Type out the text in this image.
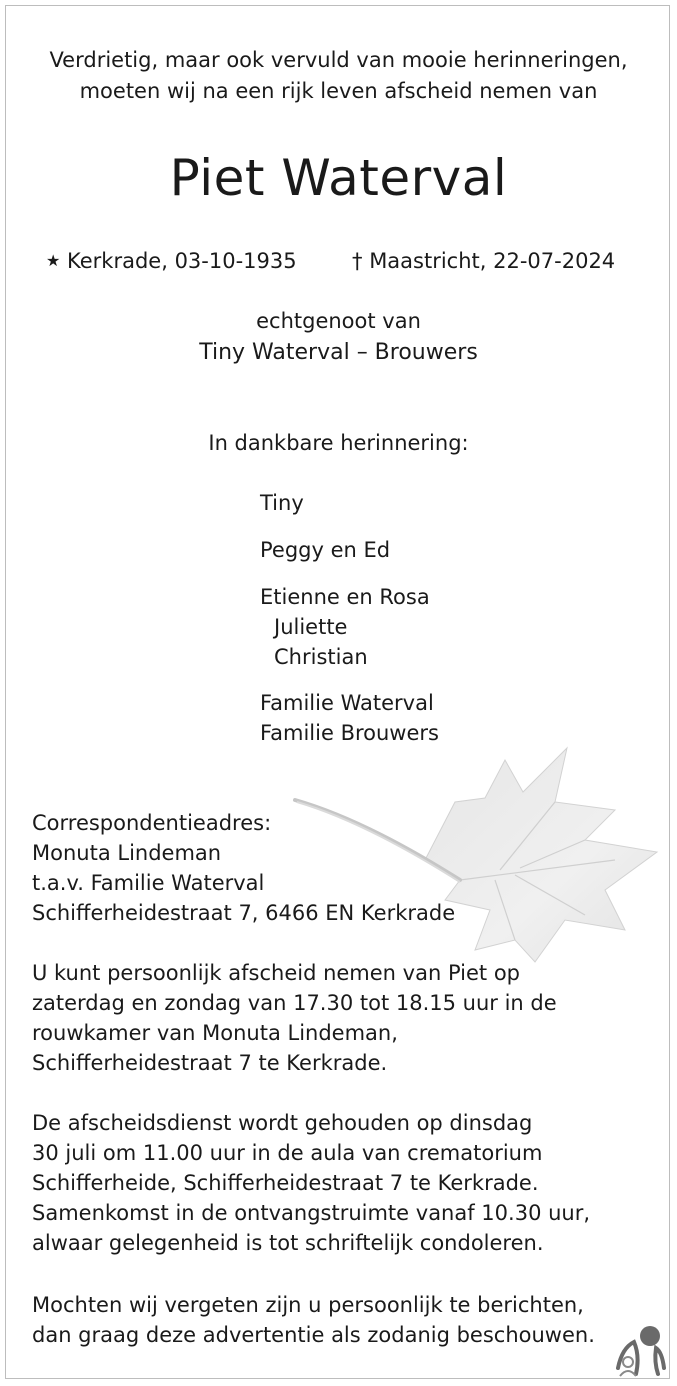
Verdrietig, maar ook vervuld van mooie herinneringen,
moeten wij na een rijk leven afscheid nemen van
Piet Waterval
★ Kerkrade, 03-10-1935	† Maastricht, 22-07-2024
echtgenoot van
Tiny Waterval – Brouwers
In dankbare herinnering:
Tiny
Peggy en Ed
Etienne en Rosa
Juliette
Christian
Familie Waterval
Familie Brouwers
Correspondentieadres:
Monuta Lindeman
t.a.v. Familie Waterval
Schifferheidestraat 7, 6466 EN Kerkrade
U kunt persoonlijk afscheid nemen van Piet op
zaterdag en zondag van 17.30 tot 18.15 uur in de
rouwkamer van Monuta Lindeman,
Schifferheidestraat 7 te Kerkrade.
De afscheidsdienst wordt gehouden op dinsdag
30 juli om 11.00 uur in de aula van crematorium
Schifferheide, Schifferheidestraat 7 te Kerkrade.
Samenkomst in de ontvangstruimte vanaf 10.30 uur,
alwaar gelegenheid is tot schriftelijk condoleren.
Mochten wij vergeten zijn u persoonlijk te berichten,
dan graag deze advertentie als zodanig beschouwen.
